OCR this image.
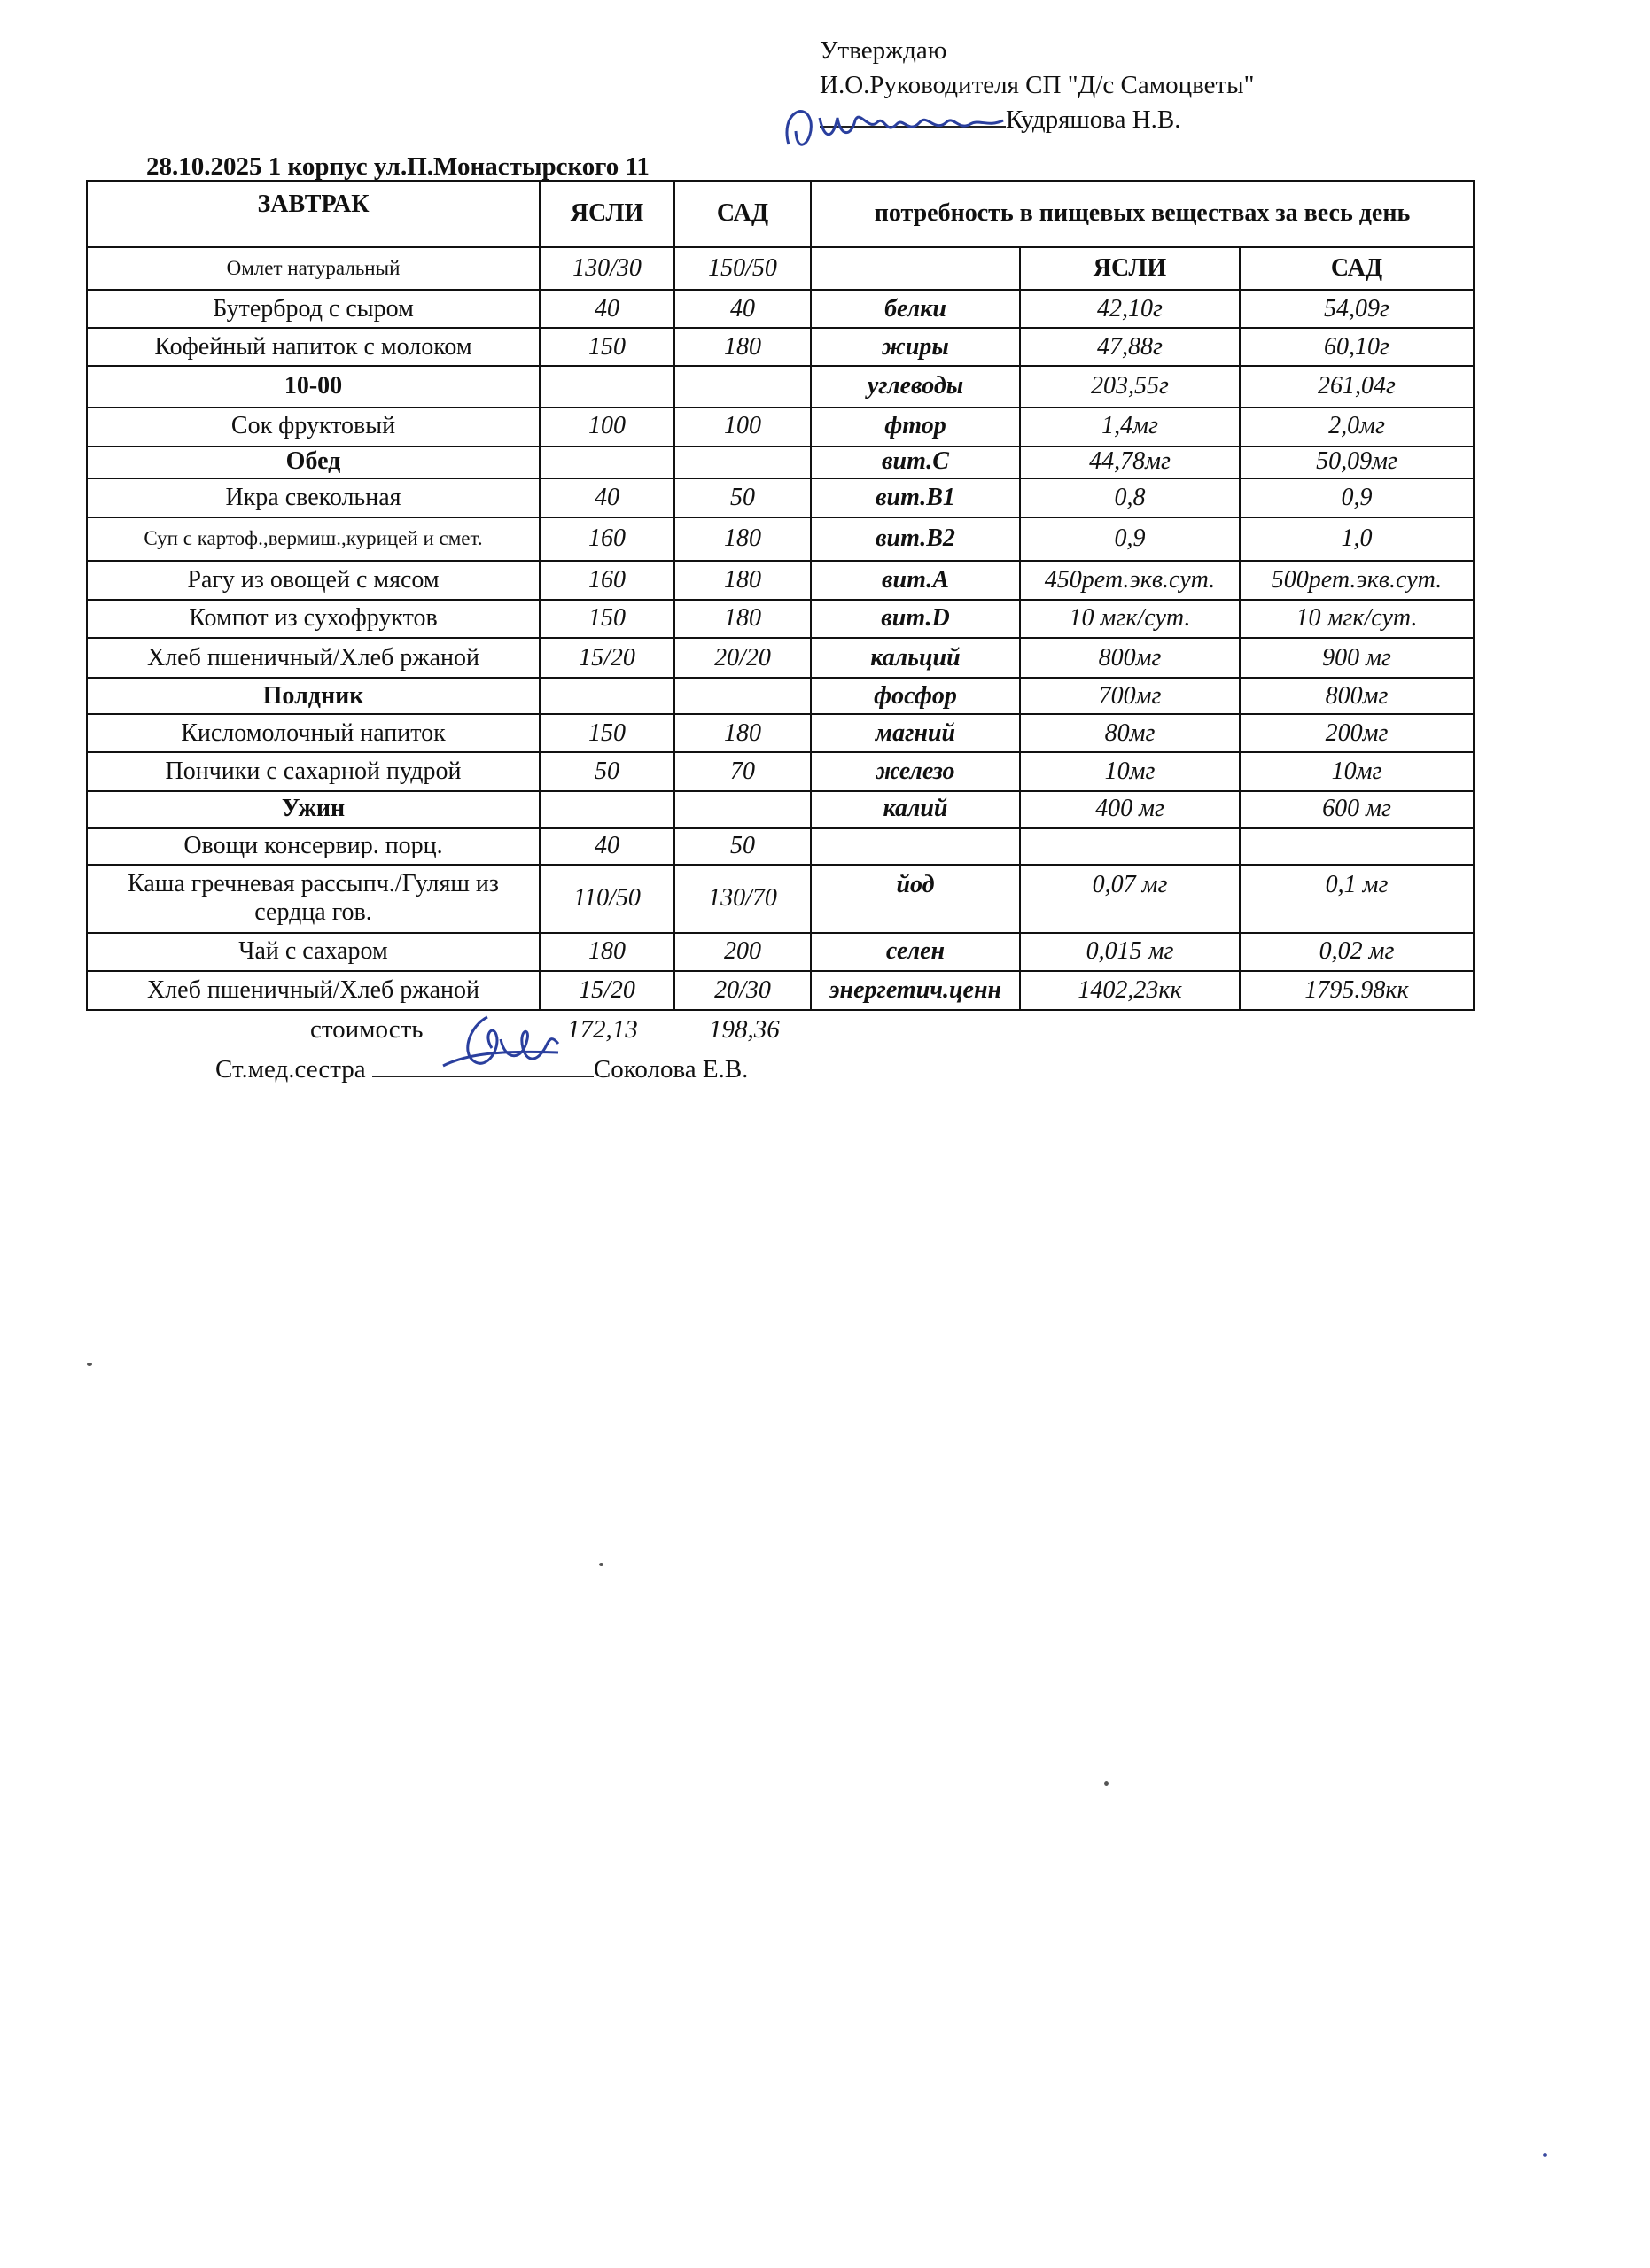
Утверждаю
И.О.Руководителя СП "Д/с Самоцветы"
Кудряшова Н.В.
28.10.2025 1 корпус ул.П.Монастырского 11
ЗАВТРАК	ЯСЛИ	САД	потребность в пищевых веществах за весь день		
Омлет натуральный	130/30	150/50		ЯСЛИ	САД
Бутерброд с сыром	40	40	белки	42,10г	54,09г
Кофейный напиток с молоком	150	180	жиры	47,88г	60,10г
10-00			углеводы	203,55г	261,04г
Сок фруктовый	100	100	фтор	1,4мг	2,0мг
Обед			вит.С	44,78мг	50,09мг
Икра свекольная	40	50	вит.В1	0,8	0,9
Суп с картоф.,вермиш.,курицей и смет.	160	180	вит.В2	0,9	1,0
Рагу из овощей с мясом	160	180	вит.А	450рет.экв.сут.	500рет.экв.сут.
Компот из сухофруктов	150	180	вит.D	10 мгк/сут.	10 мгк/сут.
Хлеб пшеничный/Хлеб ржаной	15/20	20/20	кальций	800мг	900 мг
Полдник			фосфор	700мг	800мг
Кисломолочный напиток	150	180	магний	80мг	200мг
Пончики с сахарной пудрой	50	70	железо	10мг	10мг
Ужин			калий	400 мг	600 мг
Овощи консервир. порц.	40	50			
Каша гречневая рассыпч./Гуляш из сердца гов.	110/50	130/70	йод	0,07 мг	0,1 мг
Чай с сахаром	180	200	селен	0,015 мг	0,02 мг
Хлеб пшеничный/Хлеб ржаной	15/20	20/30	энергетич.ценн	1402,23кк	1795.98кк
стоимость	172,13	198,36
Ст.мед.сестра	Соколова Е.В.
